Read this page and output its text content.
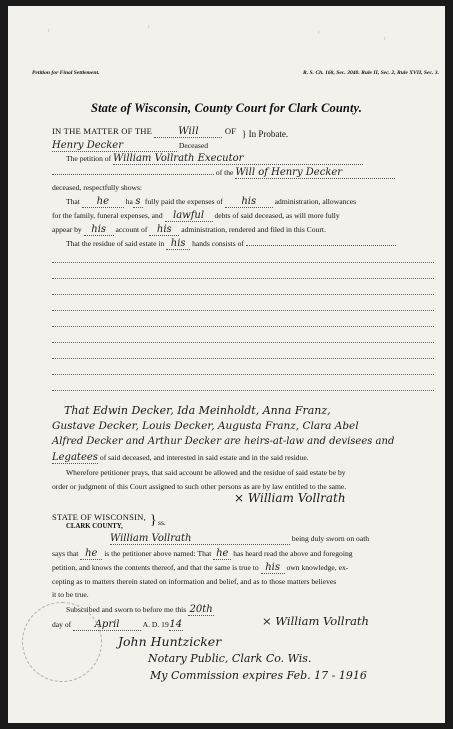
Petition for Final Settlement.	R. S. Ch. 168, Sec. 3040. Rule II, Sec. 2, Rule XVII, Sec. 3.
State of Wisconsin, County Court for Clark County.
IN THE MATTER OF THE	Will	OF } In Probate.
Henry Decker	Deceased
The petition of William Vollrath Executor
of the Will of Henry Decker
deceased, respectfully shows:
That he ha s fully paid the expenses of his administration, allowances
for the family, funeral expenses, and lawful debts of said deceased, as will more fully
appear by his account of his administration, rendered and filed in this Court.
That the residue of said estate in his hands consists of
That Edwin Decker, Ida Meinholdt, Anna Franz,
Gustave Decker, Louis Decker, Augusta Franz, Clara Abel
Alfred Decker and Arthur Decker are heirs-at-law and devisees and
Legatees of said deceased, and interested in said estate and in the said residue.
Wherefore petitioner prays, that said account be allowed and the residue of said estate be by
order or judgment of this Court assigned to such other persons as are by law entitled to the same.
× William Vollrath
STATE OF WISCONSIN,
CLARK COUNTY, } ss.
William Vollrath	being duly sworn on oath
says that he is the petitioner above named: That he has heard read the above and foregoing
petition, and knows the contents thereof, and that the same is true to his own knowledge, ex-
cepting as to matters therein stated on information and belief, and as to those matters believes
it to be true.
Subscribed and sworn to before me this 20th
day of April	A. D. 1914	× William Vollrath
John Huntzicker
Notary Public, Clark Co. Wis.
My Commission expires Feb. 17 - 1916
⁞
⁞
⁞
⁞
